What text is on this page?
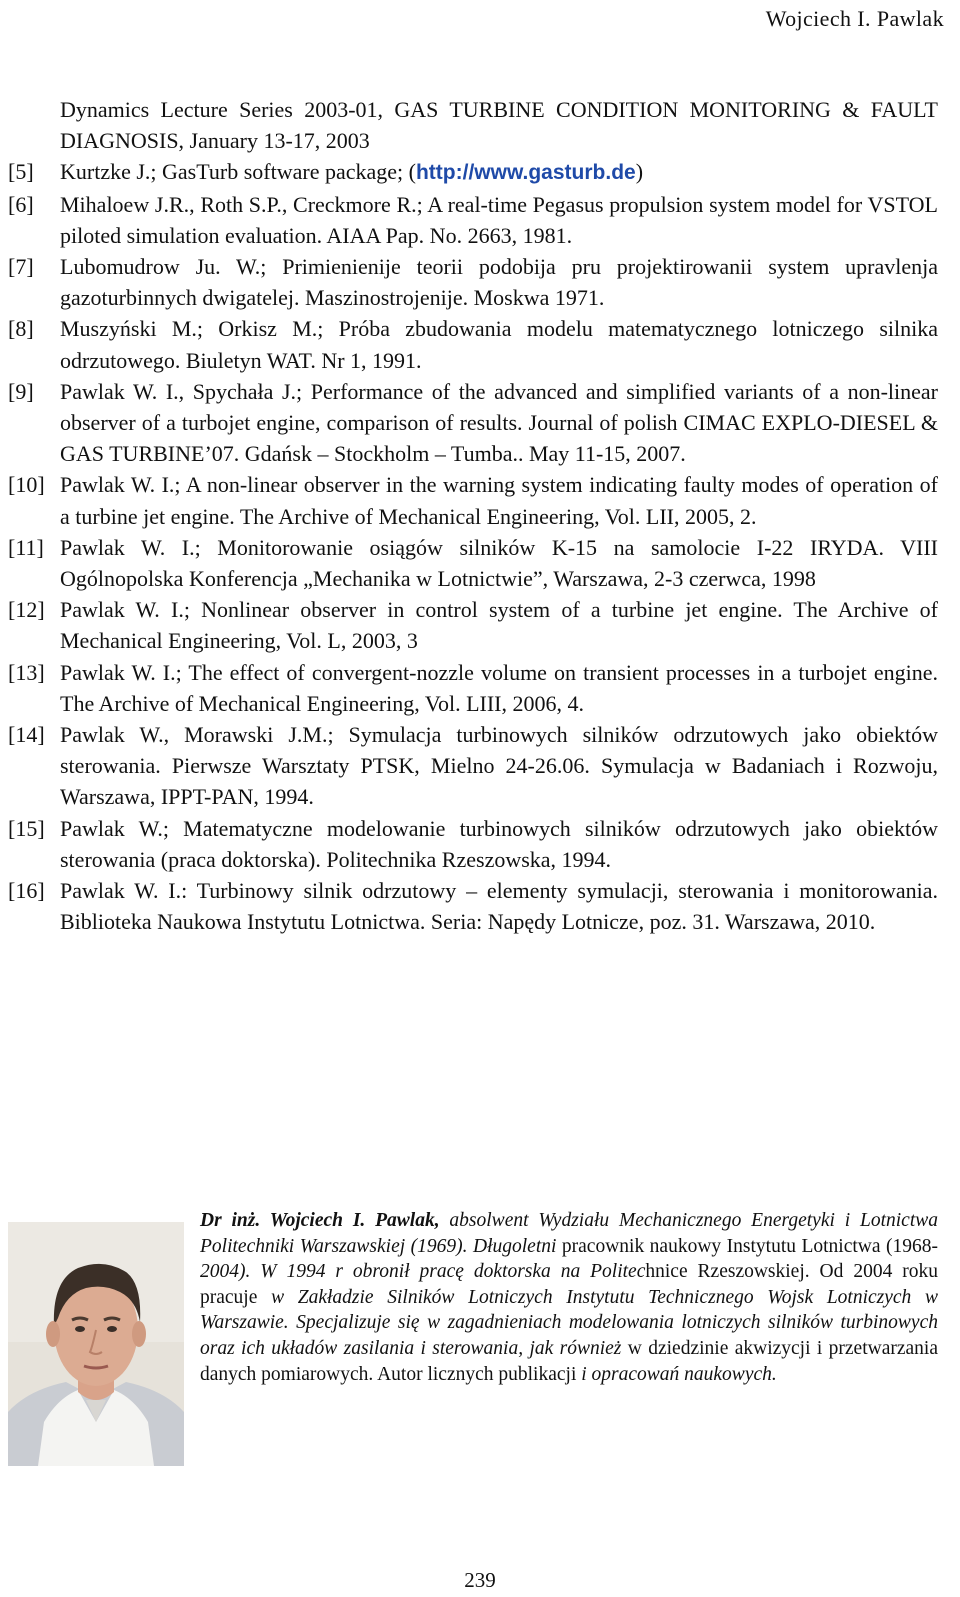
Wojciech I. Pawlak
Dynamics Lecture Series 2003-01, GAS TURBINE CONDITION MONITORING & FAULT DIAGNOSIS, January 13-17, 2003
[5]	Kurtzke J.; GasTurb software package; (http://www.gasturb.de)
[6]	Mihaloew J.R., Roth S.P., Creckmore R.; A real-time Pegasus propulsion system model for VSTOL piloted simulation evaluation. AIAA Pap. No. 2663, 1981.
[7]	Lubomudrow Ju. W.; Primienienije teorii podobija pru projektirowanii system upravlenja gazoturbinnych dwigatelej. Maszinostrojenije. Moskwa 1971.
[8]	Muszyński M.; Orkisz M.; Próba zbudowania modelu matematycznego lotniczego silnika odrzutowego. Biuletyn WAT. Nr 1, 1991.
[9]	Pawlak W. I., Spychała J.; Performance of the advanced and simplified variants of a non-linear observer of a turbojet engine, comparison of results. Journal of polish CIMAC EXPLO-DIESEL & GAS TURBINE’07. Gdańsk – Stockholm – Tumba.. May 11-15, 2007.
[10] Pawlak W. I.; A non-linear observer in the warning system indicating faulty modes of operation of a turbine jet engine. The Archive of Mechanical Engineering, Vol. LII, 2005, 2.
[11] Pawlak W. I.; Monitorowanie osiągów silników K-15 na samolocie I-22 IRYDA. VIII Ogólnopolska Konferencja „Mechanika w Lotnictwie”, Warszawa, 2-3 czerwca, 1998
[12] Pawlak W. I.; Nonlinear observer in control system of a turbine jet engine. The Archive of Mechanical Engineering, Vol. L, 2003, 3
[13] Pawlak W. I.; The effect of convergent-nozzle volume on transient processes in a turbojet engine. The Archive of Mechanical Engineering, Vol. LIII, 2006, 4.
[14] Pawlak W., Morawski J.M.; Symulacja turbinowych silników odrzutowych jako obiektów sterowania. Pierwsze Warsztaty PTSK, Mielno 24-26.06. Symulacja w Badaniach i Rozwoju, Warszawa, IPPT-PAN, 1994.
[15] Pawlak W.; Matematyczne modelowanie turbinowych silników odrzutowych jako obiektów sterowania (praca doktorska). Politechnika Rzeszowska, 1994.
[16] Pawlak W. I.: Turbinowy silnik odrzutowy – elementy symulacji, sterowania i monitorowania. Biblioteka Naukowa Instytutu Lotnictwa. Seria: Napędy Lotnicze, poz. 31. Warszawa, 2010.
Dr inż. Wojciech I. Pawlak, absolwent Wydziału Mechanicznego Energetyki i Lotnictwa Politechniki Warszawskiej (1969). Długoletni pracownik naukowy Instytutu Lotnictwa (1968-2004). W 1994 r obronił pracę doktorska na Politechnice Rzeszowskiej. Od 2004 roku pracuje w Zakładzie Silników Lotniczych Instytutu Technicznego Wojsk Lotniczych w Warszawie. Specjalizuje się w zagadnieniach modelowania lotniczych silników turbinowych oraz ich układów zasilania i sterowania, jak również w dziedzinie akwizycji i przetwarzania danych pomiarowych. Autor licznych publikacji i opracowań naukowych.
239
